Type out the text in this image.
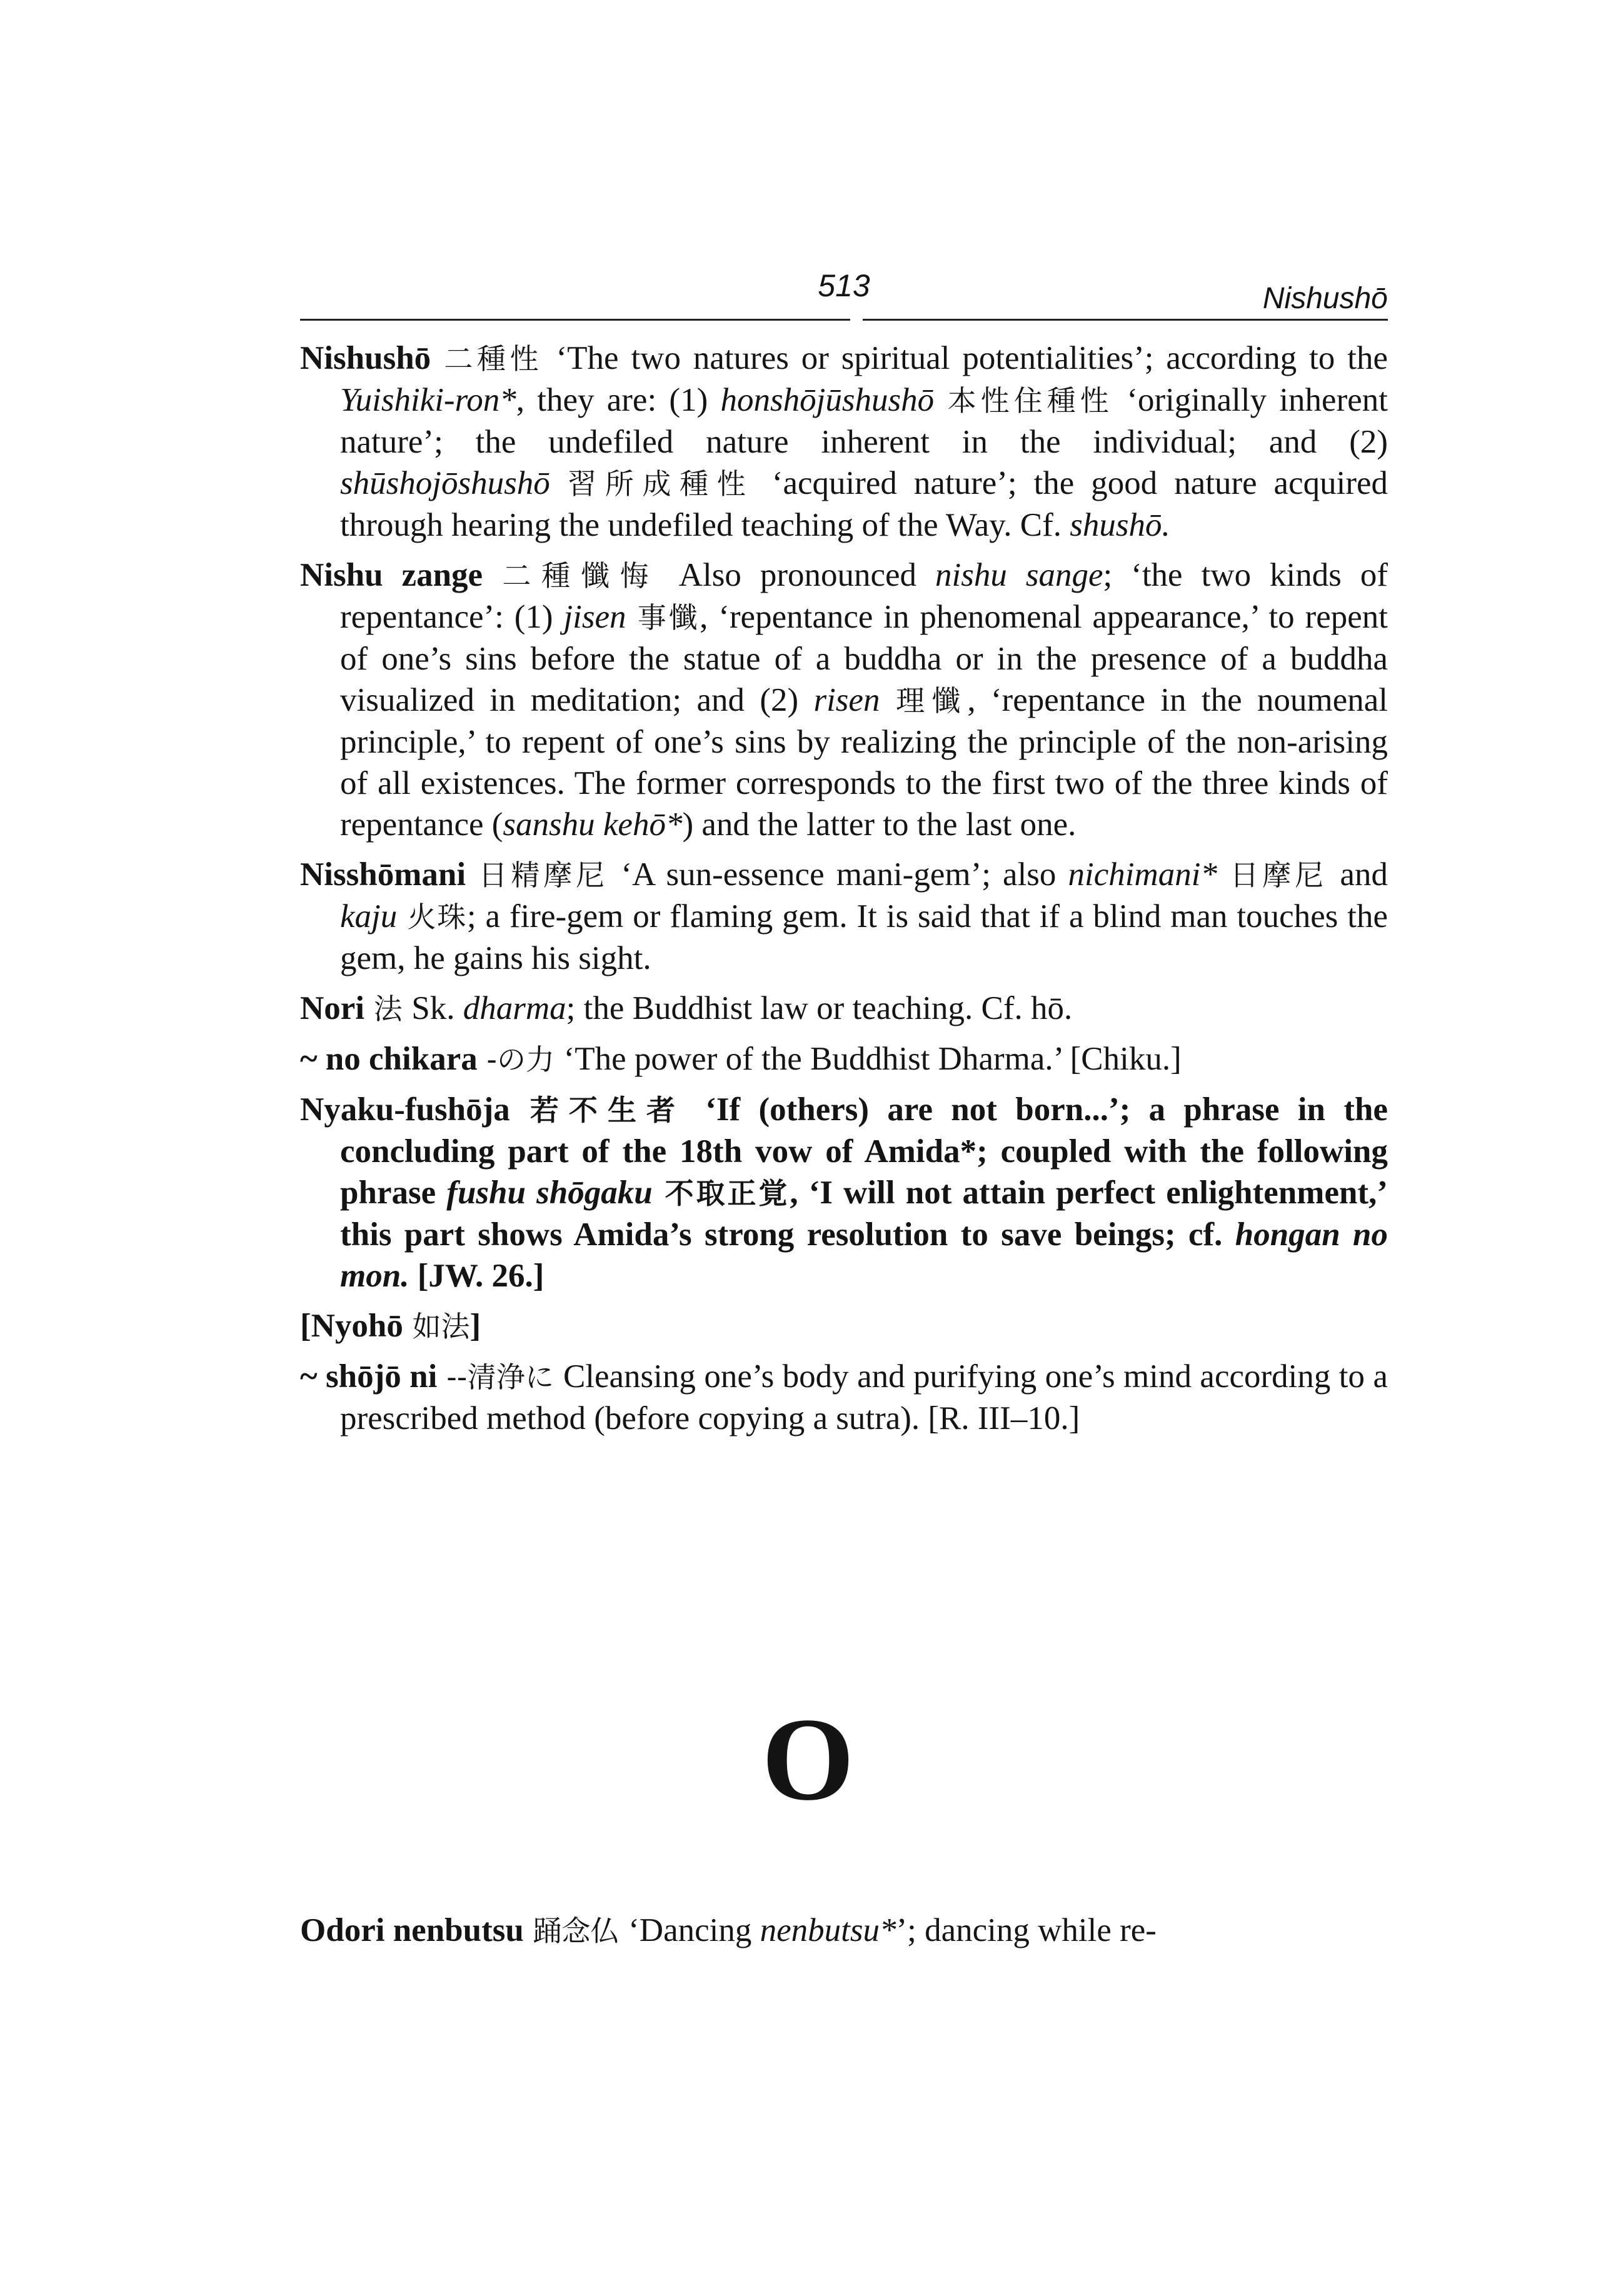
513	Nishushō
Nishushō 二種性 ‘The two natures or spiritual potentialities’; according to the Yuishiki-ron*, they are: (1) honshōjūshushō 本性住種性 ‘originally inherent nature’; the undefiled nature inherent in the individual; and (2) shūshojōshushō 習所成種性 ‘acquired nature’; the good nature acquired through hearing the undefiled teaching of the Way. Cf. shushō.
Nishu zange 二種懺悔 Also pronounced nishu sange; ‘the two kinds of repentance’: (1) jisen 事懺, ‘repentance in phenomenal appearance,’ to repent of one’s sins before the statue of a buddha or in the presence of a buddha visualized in meditation; and (2) risen 理懺, ‘repentance in the noumenal principle,’ to repent of one’s sins by realizing the principle of the non-arising of all existences. The former corresponds to the first two of the three kinds of repentance (sanshu kehō*) and the latter to the last one.
Nisshōmani 日精摩尼 ‘A sun-essence mani-gem’; also nichimani* 日摩尼 and kaju 火珠; a fire-gem or flaming gem. It is said that if a blind man touches the gem, he gains his sight.
Nori 法 Sk. dharma; the Buddhist law or teaching. Cf. hō.
~ no chikara -の力 ‘The power of the Buddhist Dharma.’ [Chiku.]
Nyaku-fushōja 若不生者 ‘If (others) are not born...’; a phrase in the concluding part of the 18th vow of Amida*; coupled with the following phrase fushu shōgaku 不取正覚, ‘I will not attain perfect enlightenment,’ this part shows Amida’s strong resolution to save beings; cf. hongan no mon. [JW. 26.]
[Nyohō 如法]
~ shōjō ni --清浄に Cleansing one’s body and purifying one’s mind according to a prescribed method (before copying a sutra). [R. III–10.]
O
Odori nenbutsu 踊念仏 ‘Dancing nenbutsu*’; dancing while re-
